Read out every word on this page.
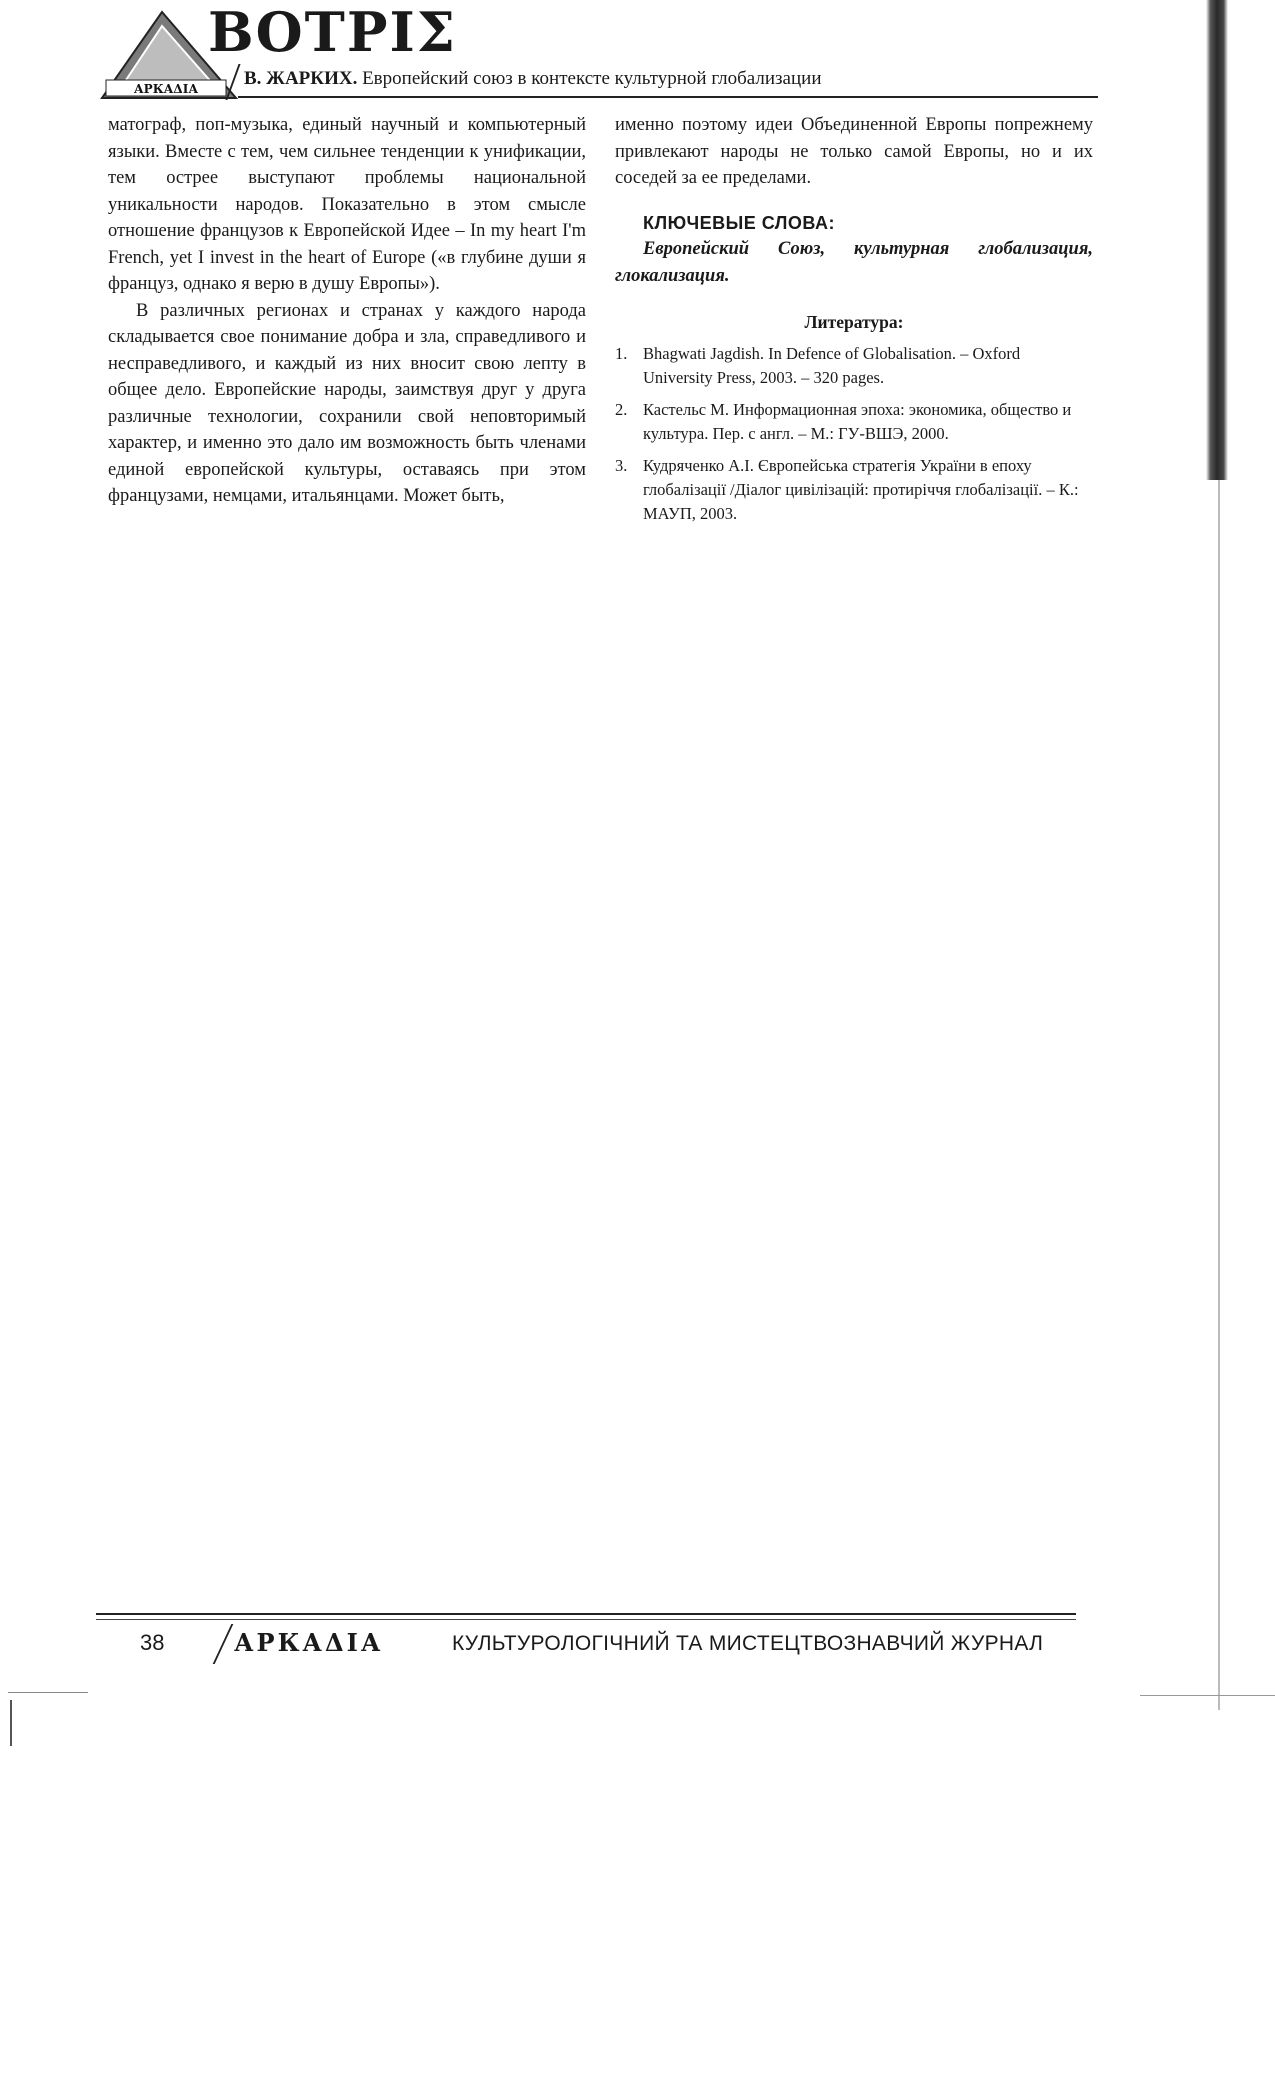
АРКАΔІА
ВОТРІΣ
В. ЖАРКИХ. Европейский союз в контексте культурной глобализации

матограф, поп-музыка, единый научный и компьютерный языки. Вместе с тем, чем сильнее тенденции к унификации, тем острее выступают проблемы национальной уникальности народов. Показательно в этом смысле отношение французов к Европейской Идее – In my heart I'm French, yet I invest in the heart of Europe («в глубине души я француз, однако я верю в душу Европы»).

В различных регионах и странах у каждого народа складывается свое понимание добра и зла, справедливого и несправедливого, и каждый из них вносит свою лепту в общее дело. Европейские народы, заимствуя друг у друга различные технологии, сохранили свой неповторимый характер, и именно это дало им возможность быть членами единой европейской культуры, оставаясь при этом французами, немцами, итальянцами. Может быть,

именно поэтому идеи Объединенной Европы попрежнему привлекают народы не только самой Европы, но и их соседей за ее пределами.

КЛЮЧЕВЫЕ СЛОВА:

Европейский Союз, культурная глобализация, глокализация.

Литература:
1. Bhagwati Jagdish. In Defence of Globalisation. – Oxford University Press, 2003. – 320 pages.
2. Кастельс М. Информационная эпоха: экономика, общество и культура. Пер. с англ. – М.: ГУ-ВШЭ, 2000.
3. Кудряченко А.І. Європейська стратегія України в епоху глобалізації /Діалог цивілізацій: протиріччя глобалізації. – К.: МАУП, 2003.
38	АРКАΔІА	КУЛЬТУРОЛОГІЧНИЙ ТА МИСТЕЦТВОЗНАВЧИЙ ЖУРНАЛ
